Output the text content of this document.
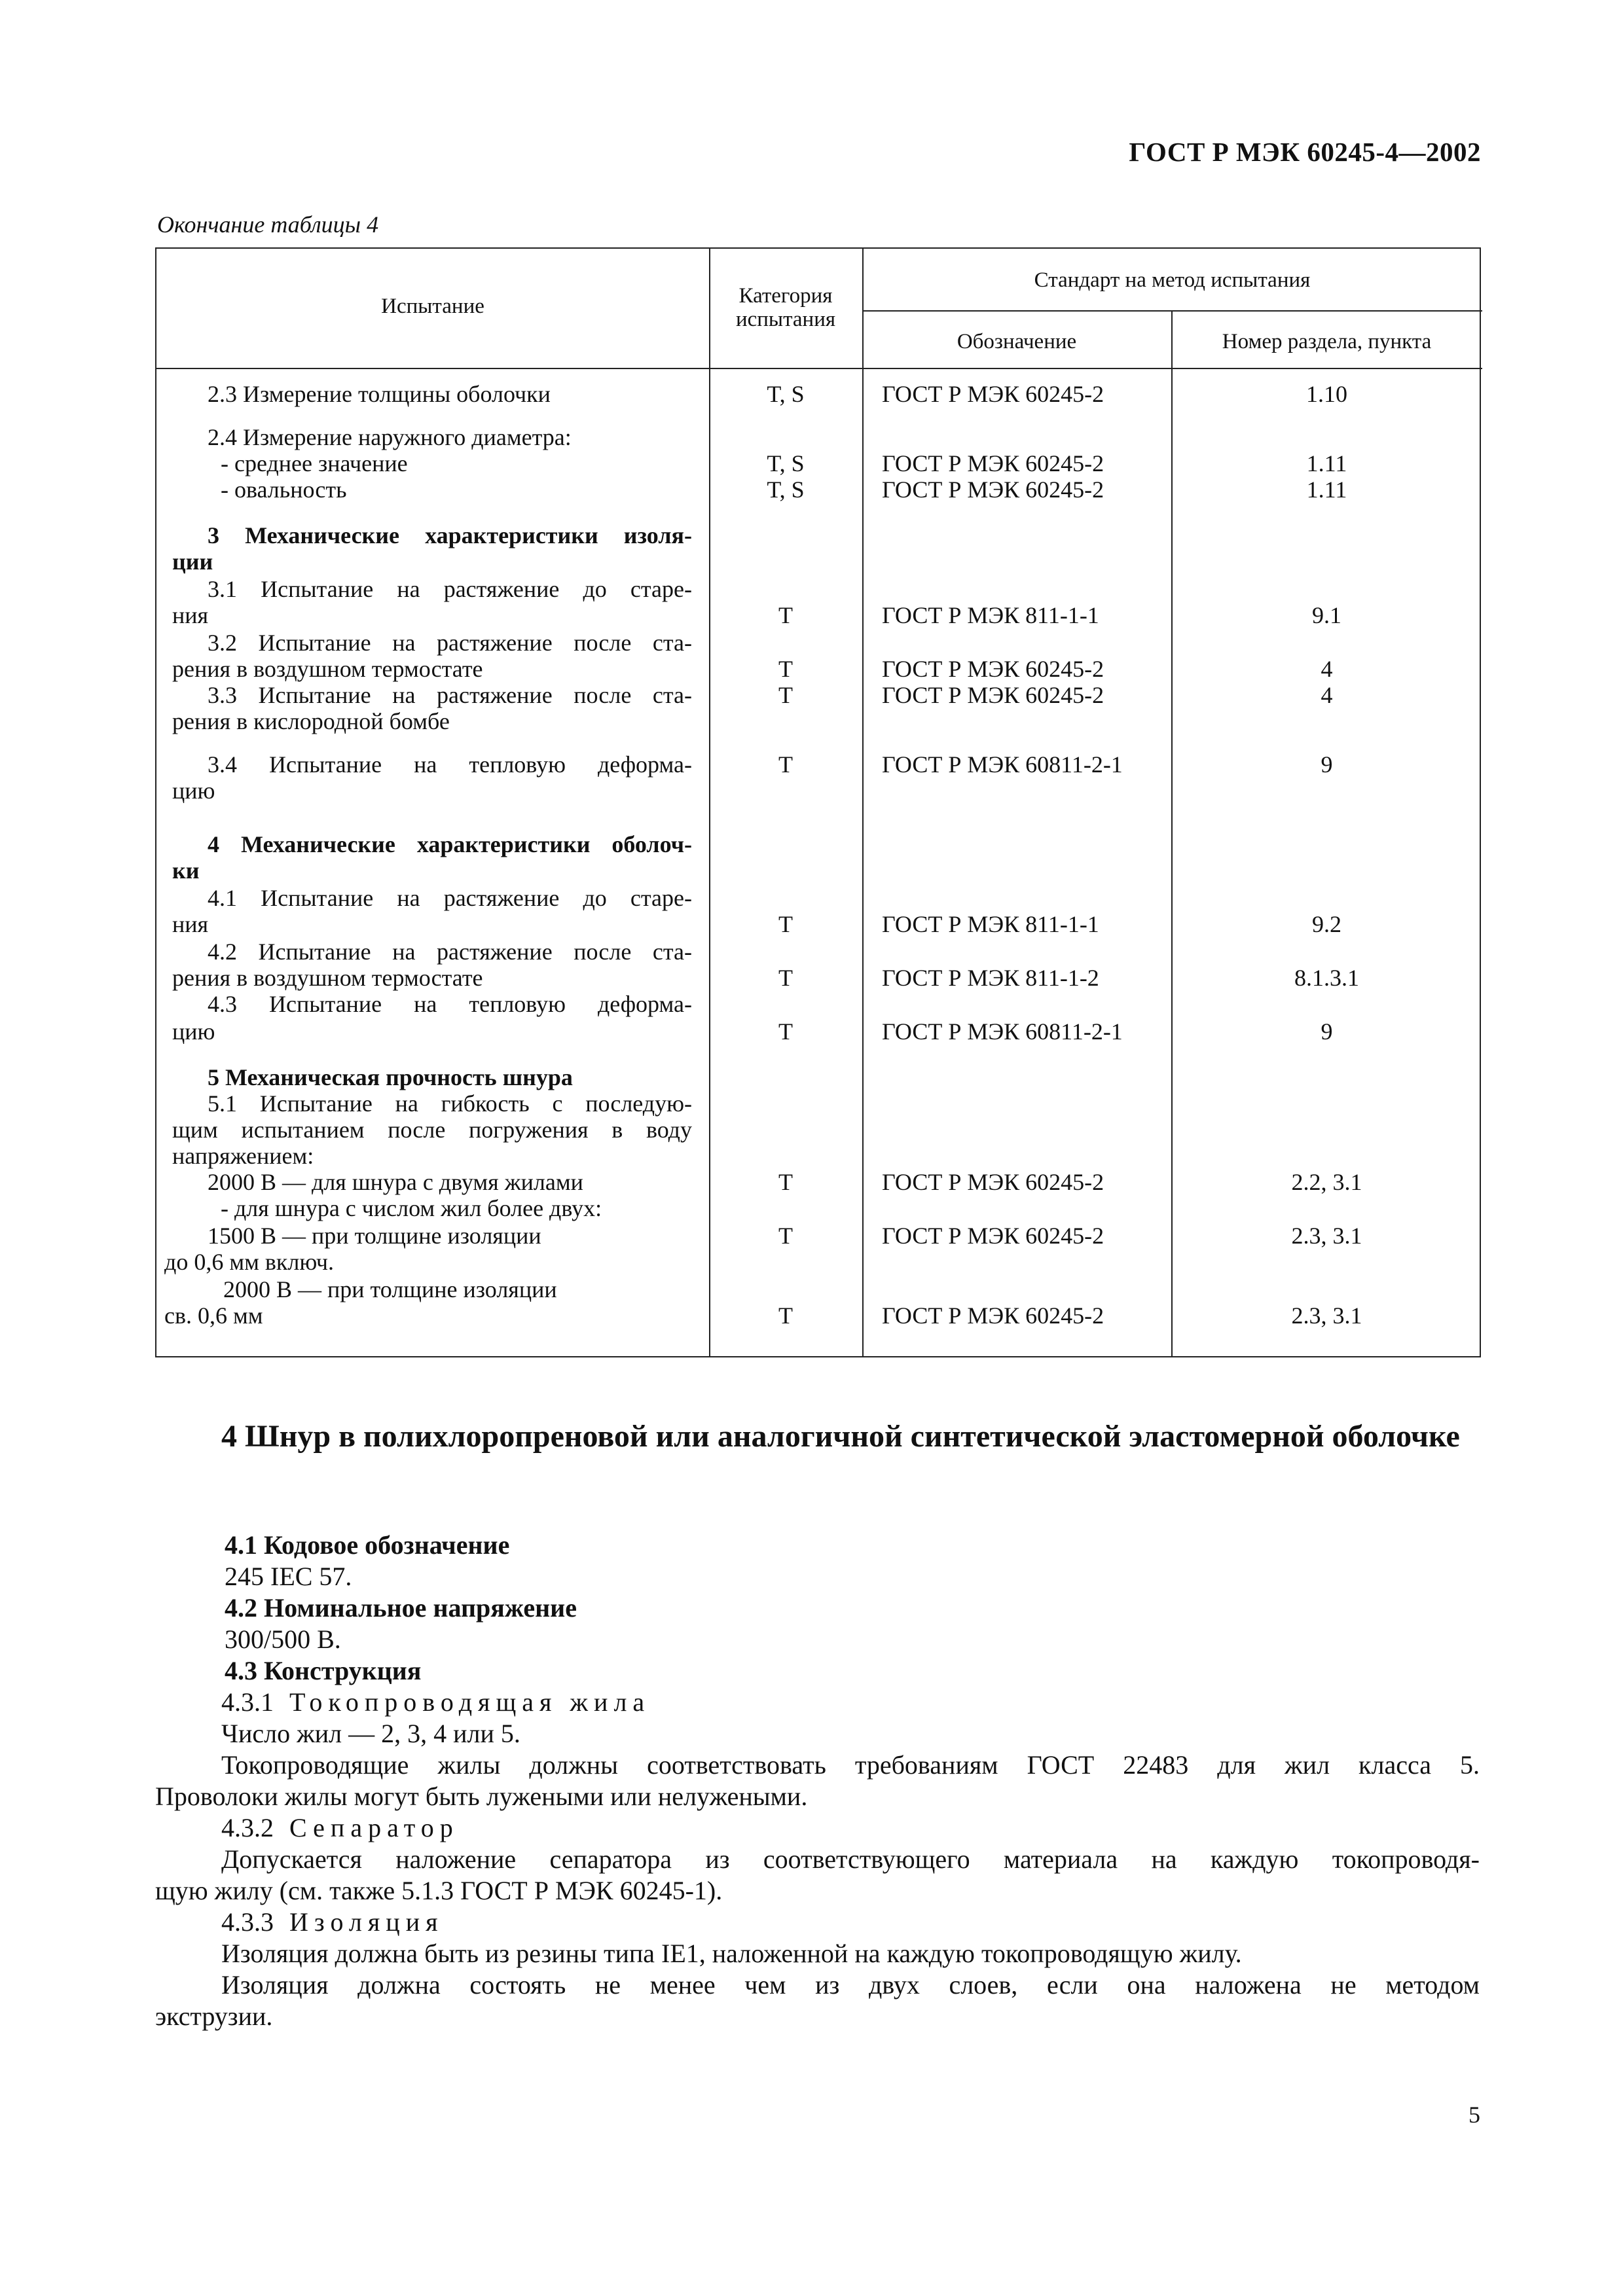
ГОСТ Р МЭК 60245-4—2002
Окончание таблицы 4
Испытание	Категория испытания
Стандарт на метод испытания
Обозначение	Номер раздела, пункта
2.3 Измерение толщины оболочки	T, S	ГОСТ Р МЭК 60245-2	1.10
2.4 Измерение наружного диаметра:
- среднее значение	T, S	ГОСТ Р МЭК 60245-2	1.11
- овальность	T, S	ГОСТ Р МЭК 60245-2	1.11
3 Механические характеристики изоля-
ции
3.1 Испытание на растяжение до старе-
ния	T	ГОСТ Р МЭК 811-1-1	9.1
3.2 Испытание на растяжение после ста-
рения в воздушном термостате	T	ГОСТ Р МЭК 60245-2	4
3.3 Испытание на растяжение после ста-	T	ГОСТ Р МЭК 60245-2	4
рения в кислородной бомбе
3.4 Испытание на тепловую деформа-	T	ГОСТ Р МЭК 60811-2-1	9
цию
4 Механические характеристики оболоч-
ки
4.1 Испытание на растяжение до старе-
ния	T	ГОСТ Р МЭК 811-1-1	9.2
4.2 Испытание на растяжение после ста-
рения в воздушном термостате	T	ГОСТ Р МЭК 811-1-2	8.1.3.1
4.3 Испытание на тепловую деформа-
цию	T	ГОСТ Р МЭК 60811-2-1	9
5 Механическая прочность шнура
5.1 Испытание на гибкость с последую-
щим испытанием после погружения в воду
напряжением:
2000 В — для шнура с двумя жилами	T	ГОСТ Р МЭК 60245-2	2.2, 3.1
- для шнура с числом жил более двух:
1500 В — при толщине изоляции	T	ГОСТ Р МЭК 60245-2	2.3, 3.1
до 0,6 мм включ.
2000 В — при толщине изоляции
св. 0,6 мм	T	ГОСТ Р МЭК 60245-2	2.3, 3.1
4 Шнур в полихлоропреновой или аналогичной синтетической эластомерной оболочке
4.1 Кодовое обозначение
245 IEC 57.
4.2 Номинальное напряжение
300/500 В.
4.3 Конструкция
4.3.1 Токопроводящая жила
Число жил — 2, 3, 4 или 5.
Токопроводящие жилы должны соответствовать требованиям ГОСТ 22483 для жил класса 5.
Проволоки жилы могут быть лужеными или нелужеными.
4.3.2 Сепаратор
Допускается наложение сепаратора из соответствующего материала на каждую токопроводя-
щую жилу (см. также 5.1.3 ГОСТ Р МЭК 60245-1).
4.3.3 Изоляция
Изоляция должна быть из резины типа IE1, наложенной на каждую токопроводящую жилу.
Изоляция должна состоять не менее чем из двух слоев, если она наложена не методом
экструзии.
5
